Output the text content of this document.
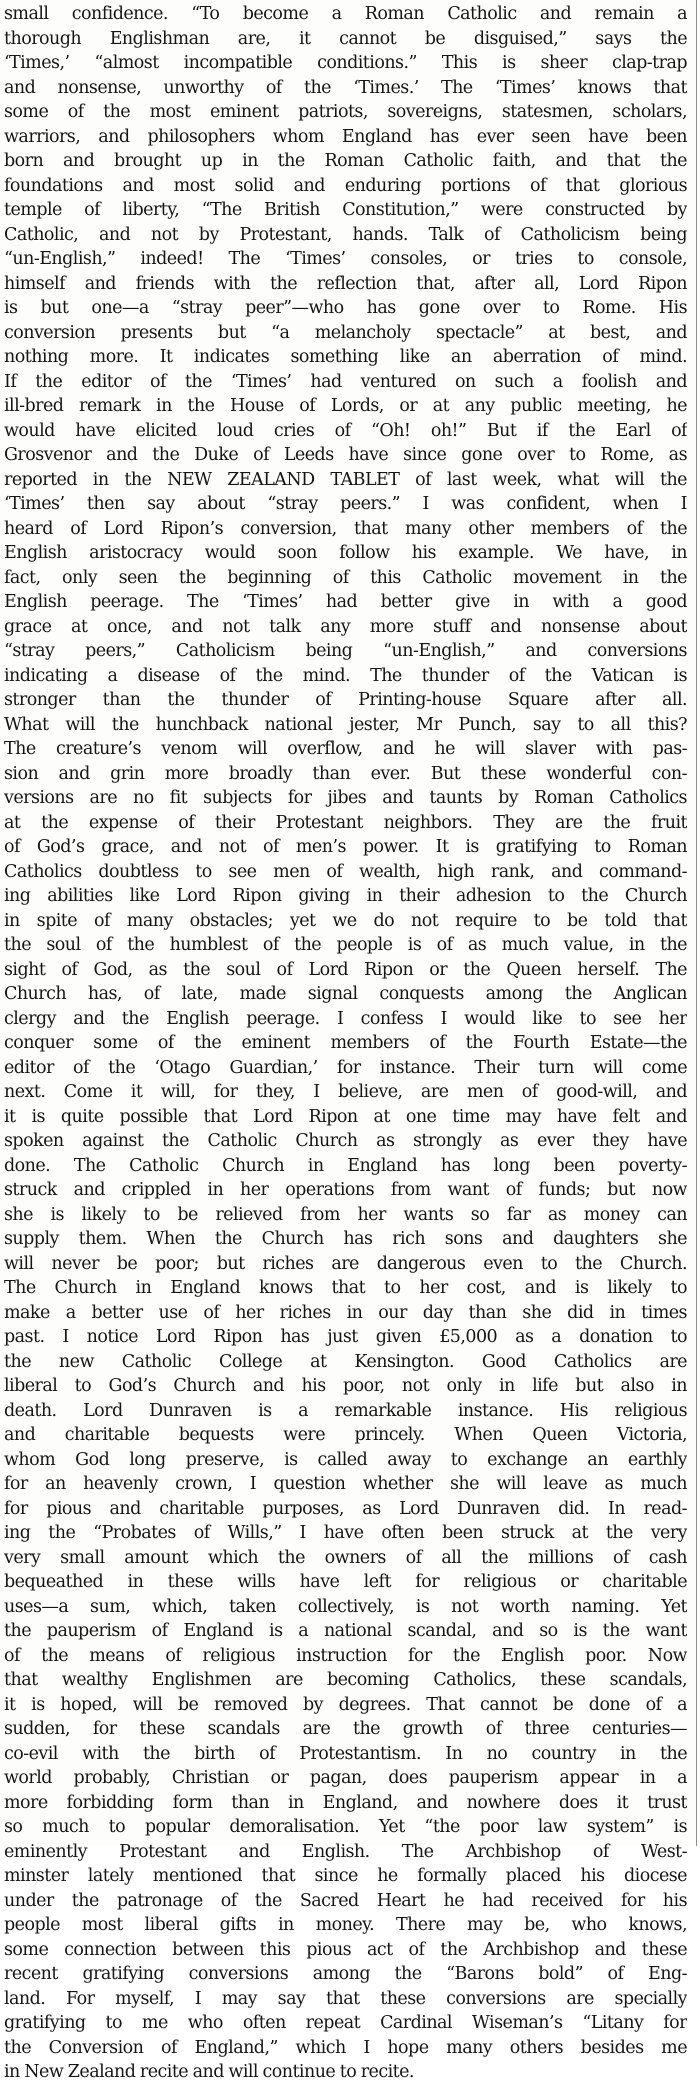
small confidence. “To become a Roman Catholic and remain a
thorough Englishman are, it cannot be disguised,” says the
‘Times,’ “almost incompatible conditions.” This is sheer clap-trap
and nonsense, unworthy of the ‘Times.’ The ‘Times’ knows that
some of the most eminent patriots, sovereigns, statesmen, scholars,
warriors, and philosophers whom England has ever seen have been
born and brought up in the Roman Catholic faith, and that the
foundations and most solid and enduring portions of that glorious
temple of liberty, “The British Constitution,” were constructed by
Catholic, and not by Protestant, hands. Talk of Catholicism being
“un-English,” indeed! The ‘Times’ consoles, or tries to console,
himself and friends with the reflection that, after all, Lord Ripon
is but one—a “stray peer”—who has gone over to Rome. His
conversion presents but “a melancholy spectacle” at best, and
nothing more. It indicates something like an aberration of mind.
If the editor of the ‘Times’ had ventured on such a foolish and
ill-bred remark in the House of Lords, or at any public meeting, he
would have elicited loud cries of “Oh! oh!” But if the Earl of
Grosvenor and the Duke of Leeds have since gone over to Rome, as
reported in the NEW ZEALAND TABLET of last week, what will the
‘Times’ then say about “stray peers.” I was confident, when I
heard of Lord Ripon’s conversion, that many other members of the
English aristocracy would soon follow his example. We have, in
fact, only seen the beginning of this Catholic movement in the
English peerage. The ‘Times’ had better give in with a good
grace at once, and not talk any more stuff and nonsense about
“stray peers,” Catholicism being “un-English,” and conversions
indicating a disease of the mind. The thunder of the Vatican is
stronger than the thunder of Printing-house Square after all.
What will the hunchback national jester, Mr Punch, say to all this?
The creature’s venom will overflow, and he will slaver with pas-
sion and grin more broadly than ever. But these wonderful con-
versions are no fit subjects for jibes and taunts by Roman Catholics
at the expense of their Protestant neighbors. They are the fruit
of God’s grace, and not of men’s power. It is gratifying to Roman
Catholics doubtless to see men of wealth, high rank, and command-
ing abilities like Lord Ripon giving in their adhesion to the Church
in spite of many obstacles; yet we do not require to be told that
the soul of the humblest of the people is of as much value, in the
sight of God, as the soul of Lord Ripon or the Queen herself. The
Church has, of late, made signal conquests among the Anglican
clergy and the English peerage. I confess I would like to see her
conquer some of the eminent members of the Fourth Estate—the
editor of the ‘Otago Guardian,’ for instance. Their turn will come
next. Come it will, for they, I believe, are men of good-will, and
it is quite possible that Lord Ripon at one time may have felt and
spoken against the Catholic Church as strongly as ever they have
done. The Catholic Church in England has long been poverty-
struck and crippled in her operations from want of funds; but now
she is likely to be relieved from her wants so far as money can
supply them. When the Church has rich sons and daughters she
will never be poor; but riches are dangerous even to the Church.
The Church in England knows that to her cost, and is likely to
make a better use of her riches in our day than she did in times
past. I notice Lord Ripon has just given £5,000 as a donation to
the new Catholic College at Kensington. Good Catholics are
liberal to God’s Church and his poor, not only in life but also in
death. Lord Dunraven is a remarkable instance. His religious
and charitable bequests were princely. When Queen Victoria,
whom God long preserve, is called away to exchange an earthly
for an heavenly crown, I question whether she will leave as much
for pious and charitable purposes, as Lord Dunraven did. In read-
ing the “Probates of Wills,” I have often been struck at the very
very small amount which the owners of all the millions of cash
bequeathed in these wills have left for religious or charitable
uses—a sum, which, taken collectively, is not worth naming. Yet
the pauperism of England is a national scandal, and so is the want
of the means of religious instruction for the English poor. Now
that wealthy Englishmen are becoming Catholics, these scandals,
it is hoped, will be removed by degrees. That cannot be done of a
sudden, for these scandals are the growth of three centuries—
co-evil with the birth of Protestantism. In no country in the
world probably, Christian or pagan, does pauperism appear in a
more forbidding form than in England, and nowhere does it trust
so much to popular demoralisation. Yet “the poor law system” is
eminently Protestant and English. The Archbishop of West-
minster lately mentioned that since he formally placed his diocese
under the patronage of the Sacred Heart he had received for his
people most liberal gifts in money. There may be, who knows,
some connection between this pious act of the Archbishop and these
recent gratifying conversions among the “Barons bold” of Eng-
land. For myself, I may say that these conversions are specially
gratifying to me who often repeat Cardinal Wiseman’s “Litany for
the Conversion of England,” which I hope many others besides me
in New Zealand recite and will continue to recite.
